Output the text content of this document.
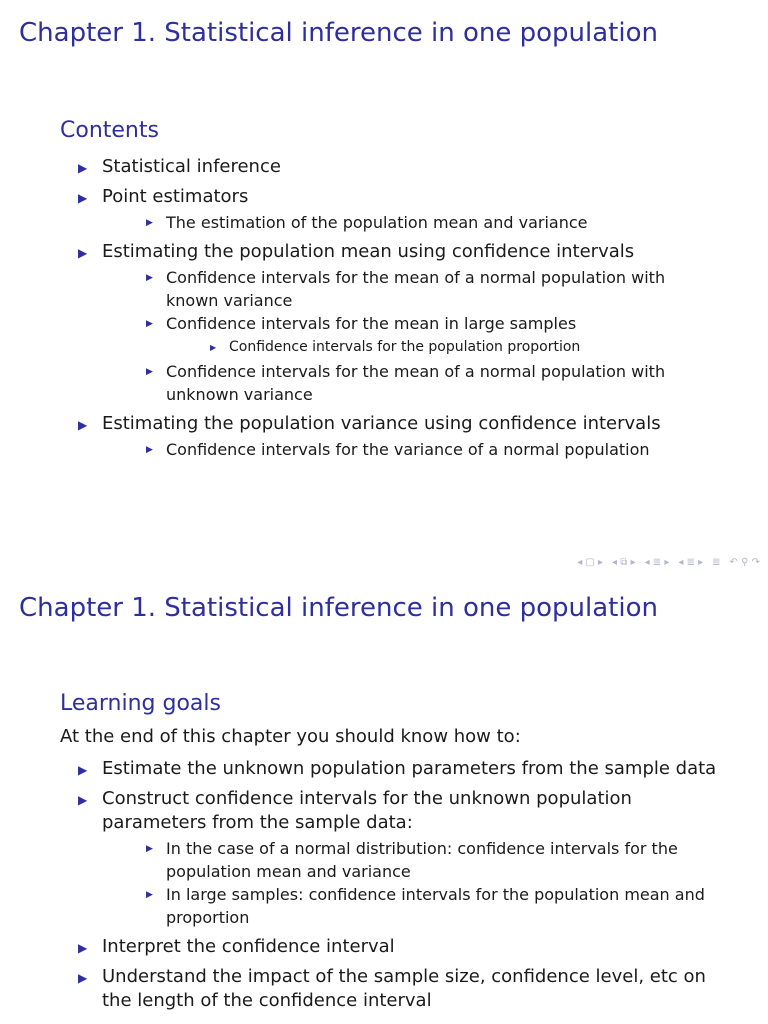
Chapter 1. Statistical inference in one population
Contents
▶ Statistical inference
▶ Point estimators
▶ The estimation of the population mean and variance
▶ Estimating the population mean using confidence intervals
▶ Confidence intervals for the mean of a normal population with known variance
▶ Confidence intervals for the mean in large samples
▶ Confidence intervals for the population proportion
▶ Confidence intervals for the mean of a normal population with unknown variance
▶ Estimating the population variance using confidence intervals
▶ Confidence intervals for the variance of a normal population
◂ ▢ ▸ ◂ ⧉ ▸ ◂ ≣ ▸ ◂ ≣ ▸ ≣ ↶ ⚲ ↷
Chapter 1. Statistical inference in one population
Learning goals

At the end of this chapter you should know how to:

▶ Estimate the unknown population parameters from the sample data
▶ Construct confidence intervals for the unknown population parameters from the sample data:
▶ In the case of a normal distribution: confidence intervals for the population mean and variance
▶ In large samples: confidence intervals for the population mean and proportion
▶ Interpret the confidence interval
▶ Understand the impact of the sample size, confidence level, etc on the length of the confidence interval
